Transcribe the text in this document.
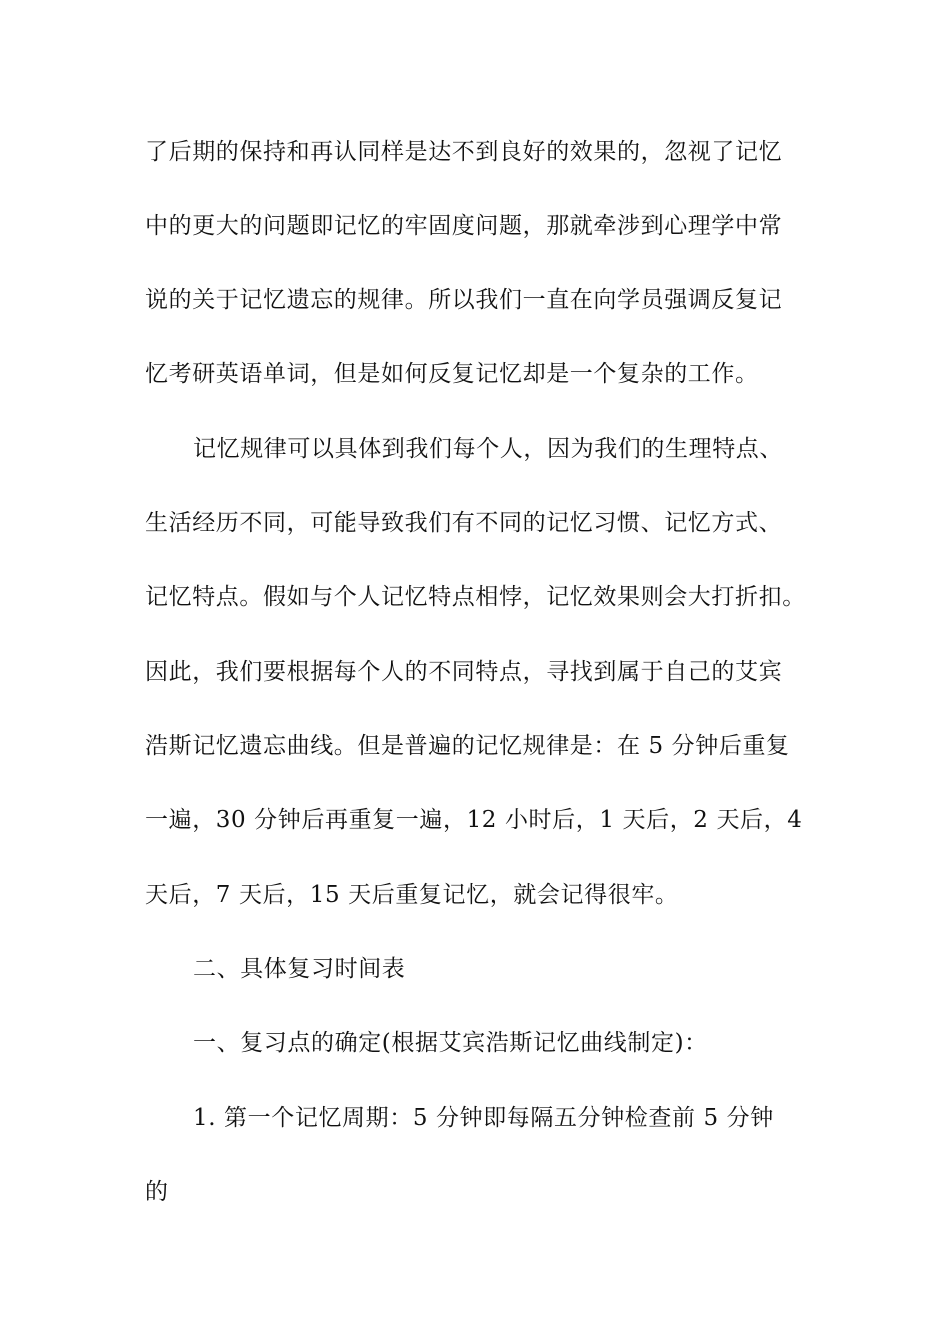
了后期的保持和再认同样是达不到良好的效果的，忽视了记忆
中的更大的问题即记忆的牢固度问题，那就牵涉到心理学中常
说的关于记忆遗忘的规律。所以我们一直在向学员强调反复记
忆考研英语单词，但是如何反复记忆却是一个复杂的工作。
记忆规律可以具体到我们每个人，因为我们的生理特点、
生活经历不同，可能导致我们有不同的记忆习惯、记忆方式、
记忆特点。假如与个人记忆特点相悖，记忆效果则会大打折扣。
因此，我们要根据每个人的不同特点，寻找到属于自己的艾宾
浩斯记忆遗忘曲线。但是普遍的记忆规律是：在 5 分钟后重复
一遍，30 分钟后再重复一遍，12 小时后，1 天后，2 天后，4
天后，7 天后，15 天后重复记忆，就会记得很牢。
二、具体复习时间表
一、复习点的确定(根据艾宾浩斯记忆曲线制定)：
1. 第一个记忆周期：5 分钟即每隔五分钟检查前 5 分钟
的
